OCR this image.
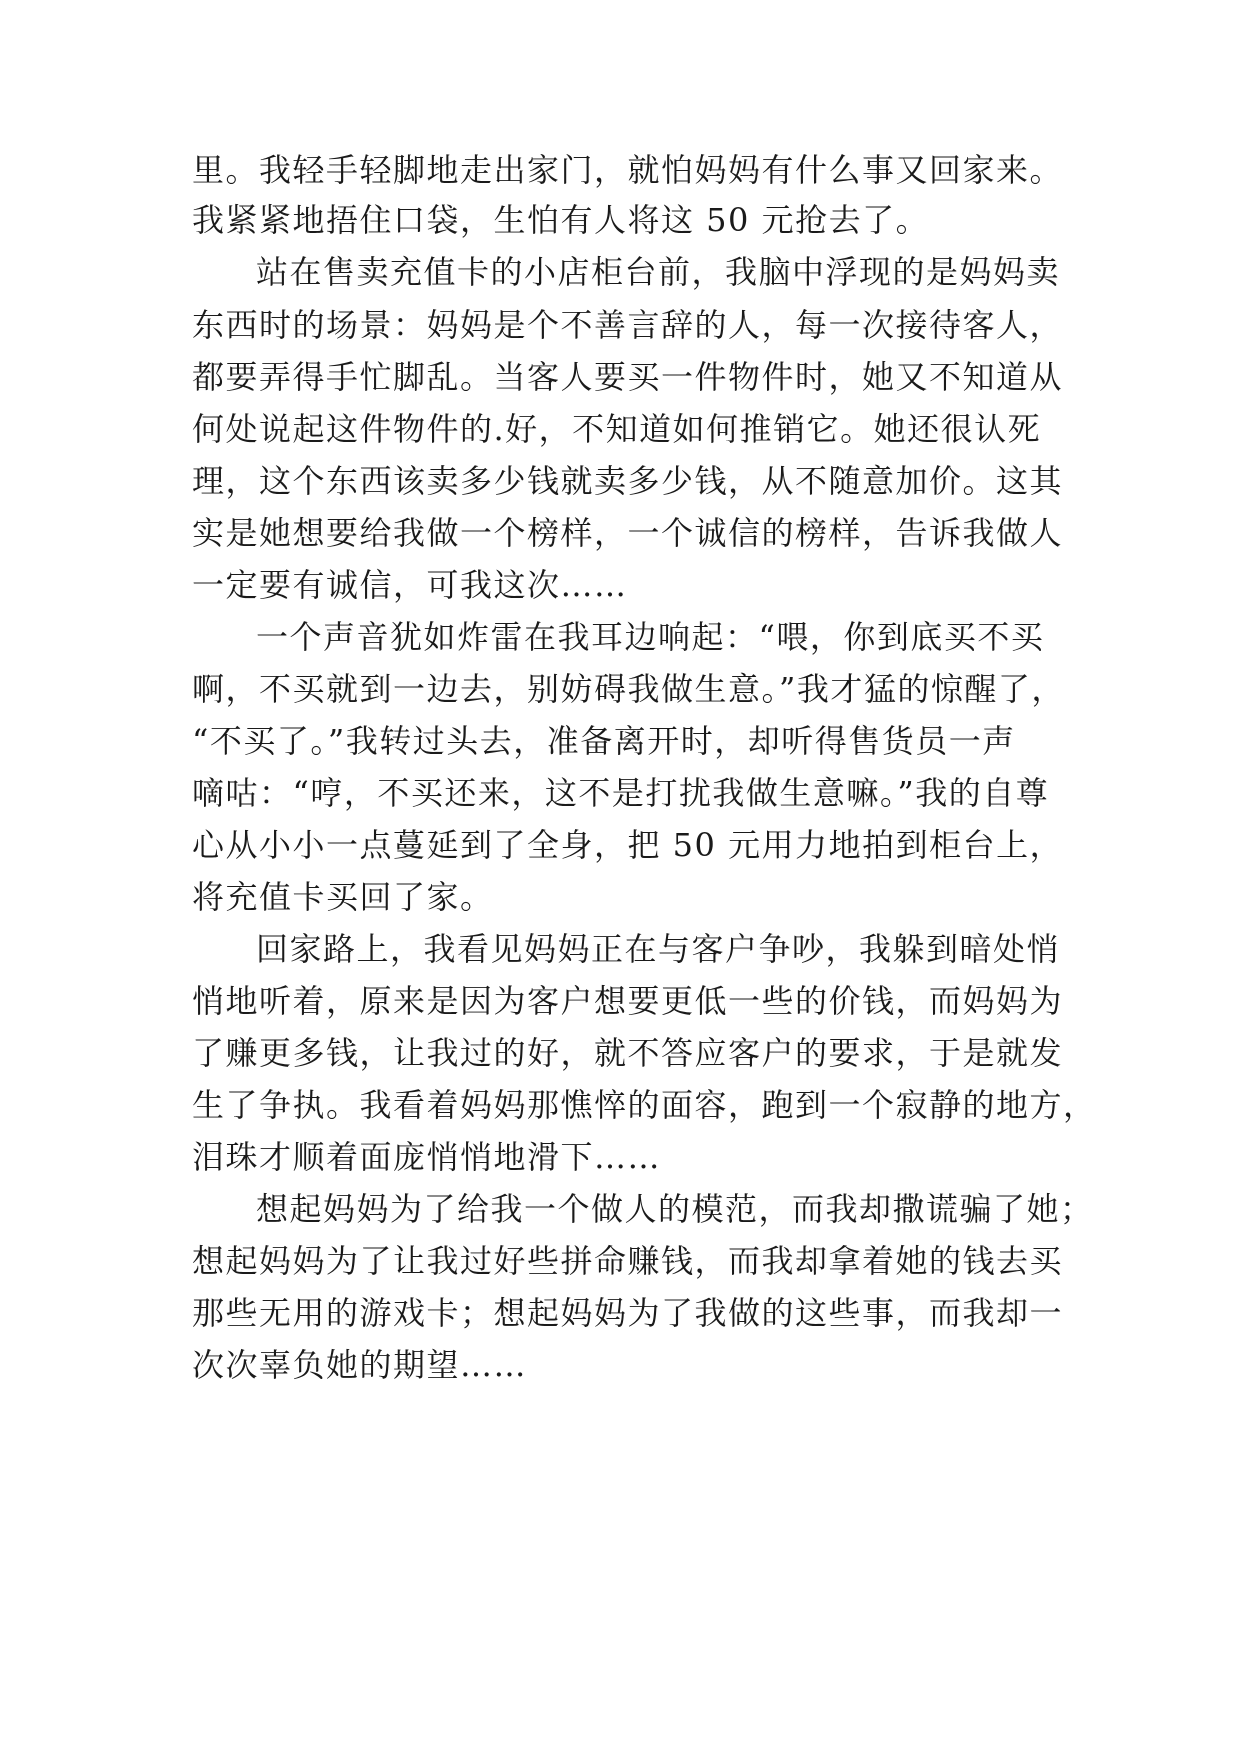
里。我轻手轻脚地走出家门，就怕妈妈有什么事又回家来。
我紧紧地捂住口袋，生怕有人将这 50 元抢去了。
站在售卖充值卡的小店柜台前，我脑中浮现的是妈妈卖
东西时的场景：妈妈是个不善言辞的人，每一次接待客人，
都要弄得手忙脚乱。当客人要买一件物件时，她又不知道从
何处说起这件物件的.好，不知道如何推销它。她还很认死
理，这个东西该卖多少钱就卖多少钱，从不随意加价。这其
实是她想要给我做一个榜样，一个诚信的榜样，告诉我做人
一定要有诚信，可我这次……
一个声音犹如炸雷在我耳边响起：“喂，你到底买不买
啊，不买就到一边去，别妨碍我做生意。”我才猛的惊醒了，
“不买了。”我转过头去，准备离开时，却听得售货员一声
嘀咕：“哼，不买还来，这不是打扰我做生意嘛。”我的自尊
心从小小一点蔓延到了全身，把 50 元用力地拍到柜台上，
将充值卡买回了家。
回家路上，我看见妈妈正在与客户争吵，我躲到暗处悄
悄地听着，原来是因为客户想要更低一些的价钱，而妈妈为
了赚更多钱，让我过的好，就不答应客户的要求，于是就发
生了争执。我看着妈妈那憔悴的面容，跑到一个寂静的地方，
泪珠才顺着面庞悄悄地滑下……
想起妈妈为了给我一个做人的模范，而我却撒谎骗了她；
想起妈妈为了让我过好些拼命赚钱，而我却拿着她的钱去买
那些无用的游戏卡；想起妈妈为了我做的这些事，而我却一
次次辜负她的期望……
